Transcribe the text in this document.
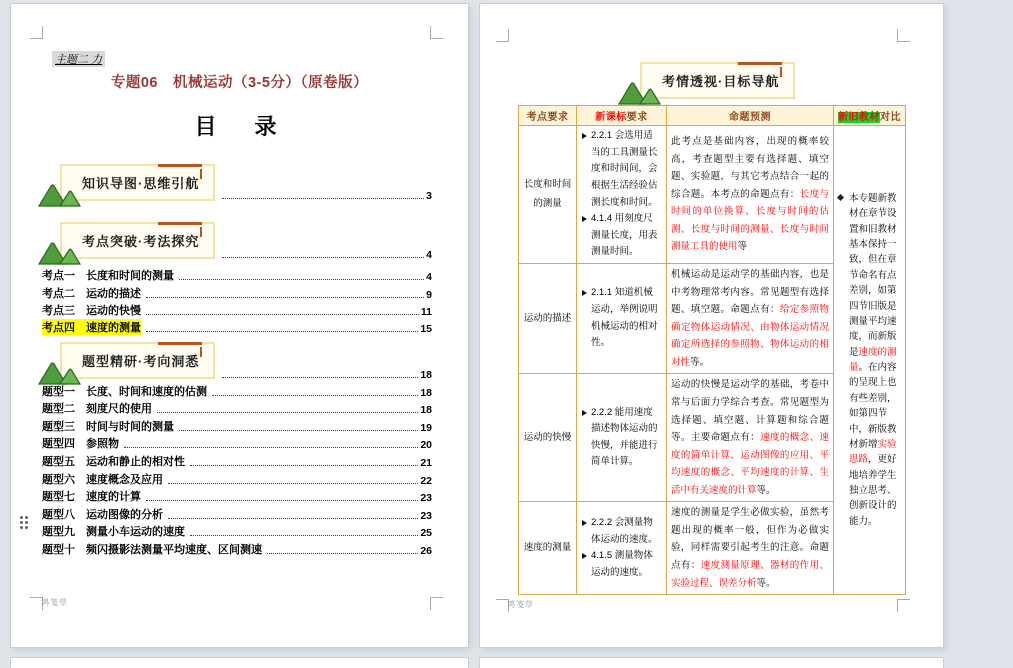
主题二 力
专题06　机械运动（3-5分）（原卷版）
目　录
知识导图·思维引航
3
考点突破·考法探究
4
考点一　长度和时间的测量	4
考点二　运动的描述	9
考点三　运动的快慢	11
考点四　速度的测量	15
题型精研·考向洞悉
18
题型一　长度、时间和速度的估测	18
题型二　刻度尺的使用	18
题型三　时间与时间的测量	19
题型四　参照物	20
题型五　运动和静止的相对性	21
题型六　速度概念及应用	22
题型七　速度的计算	23
题型八　运动图像的分析	23
题型九　测量小车运动的速度	25
题型十　频闪摄影法测量平均速度、区间测速	26
鸿笺草
考情透视·目标导航
考点要求	新课标要求	命题预测	新旧教材对比
长度和时间的测量	2.2.1 会选用适当的工具测量长度和时间间，会根据生活经验估测长度和时间。
4.1.4 用刻度尺测量长度，用表测量时间。	此考点是基础内容，出现的概率较高，考查题型主要有选择题、填空题、实验题，与其它考点结合一起的综合题。本考点的命题点有：长度与时间的单位换算、长度与时间的估测、长度与时间的测量、长度与时间测量工具的使用等	本专题新教材在章节设置和旧教材基本保持一致，但在章节命名有点差别，如第四节旧版是测量平均速度，而新版是速度的测量。在内容的呈现上也有些差别，如第四节中，新版教材新增实验思路，更好地培养学生独立思考、创新设计的能力。

运动的描述	2.1.1 知道机械运动，举例说明机械运动的相对性。	机械运动是运动学的基础内容，也是中考物理常考内容。常见题型有选择题、填空题。命题点有：给定参照物确定物体运动情况、由物体运动情况确定所选择的参照物、物体运动的相对性等。	
运动的快慢	2.2.2 能用速度描述物体运动的快慢，并能进行简单计算。	运动的快慢是运动学的基础，考卷中常与后面力学综合考查。常见题型为选择题、填空题、计算题和综合题等。主要命题点有：速度的概念、速度的简单计算、运动图像的应用、平均速度的概念、平均速度的计算、生活中有关速度的计算等。	
速度的测量	2.2.2 会测量物体运动的速度。
4.1.5 测量物体运动的速度。	速度的测量是学生必做实验，虽然考题出现的概率一般，但作为必做实验，同样需要引起考生的注意。命题点有：速度测量原理、器材的作用、实验过程、误差分析等。	
鸿笺草
